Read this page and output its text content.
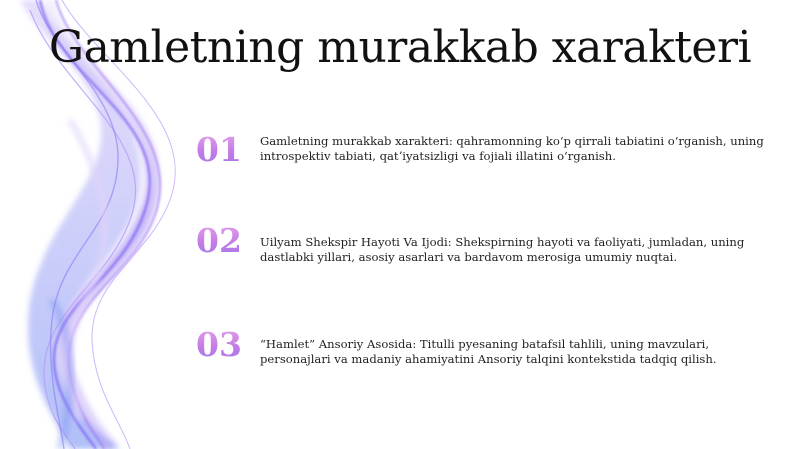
Gamletning murakkab xarakteri
01	Gamletning murakkab xarakteri: qahramonning koʻp qirrali tabiatini oʻrganish, uning introspektiv tabiati, qatʼiyatsizligi va fojiali illatini oʻrganish.

02	Uilyam Shekspir Hayoti Va Ijodi: Shekspirning hayoti va faoliyati, jumladan, uning dastlabki yillari, asosiy asarlari va bardavom merosiga umumiy nuqtai.

03	“Hamlet” Ansoriy Asosida: Titulli pyesaning batafsil tahlili, uning mavzulari, personajlari va madaniy ahamiyatini Ansoriy talqini kontekstida tadqiq qilish.
